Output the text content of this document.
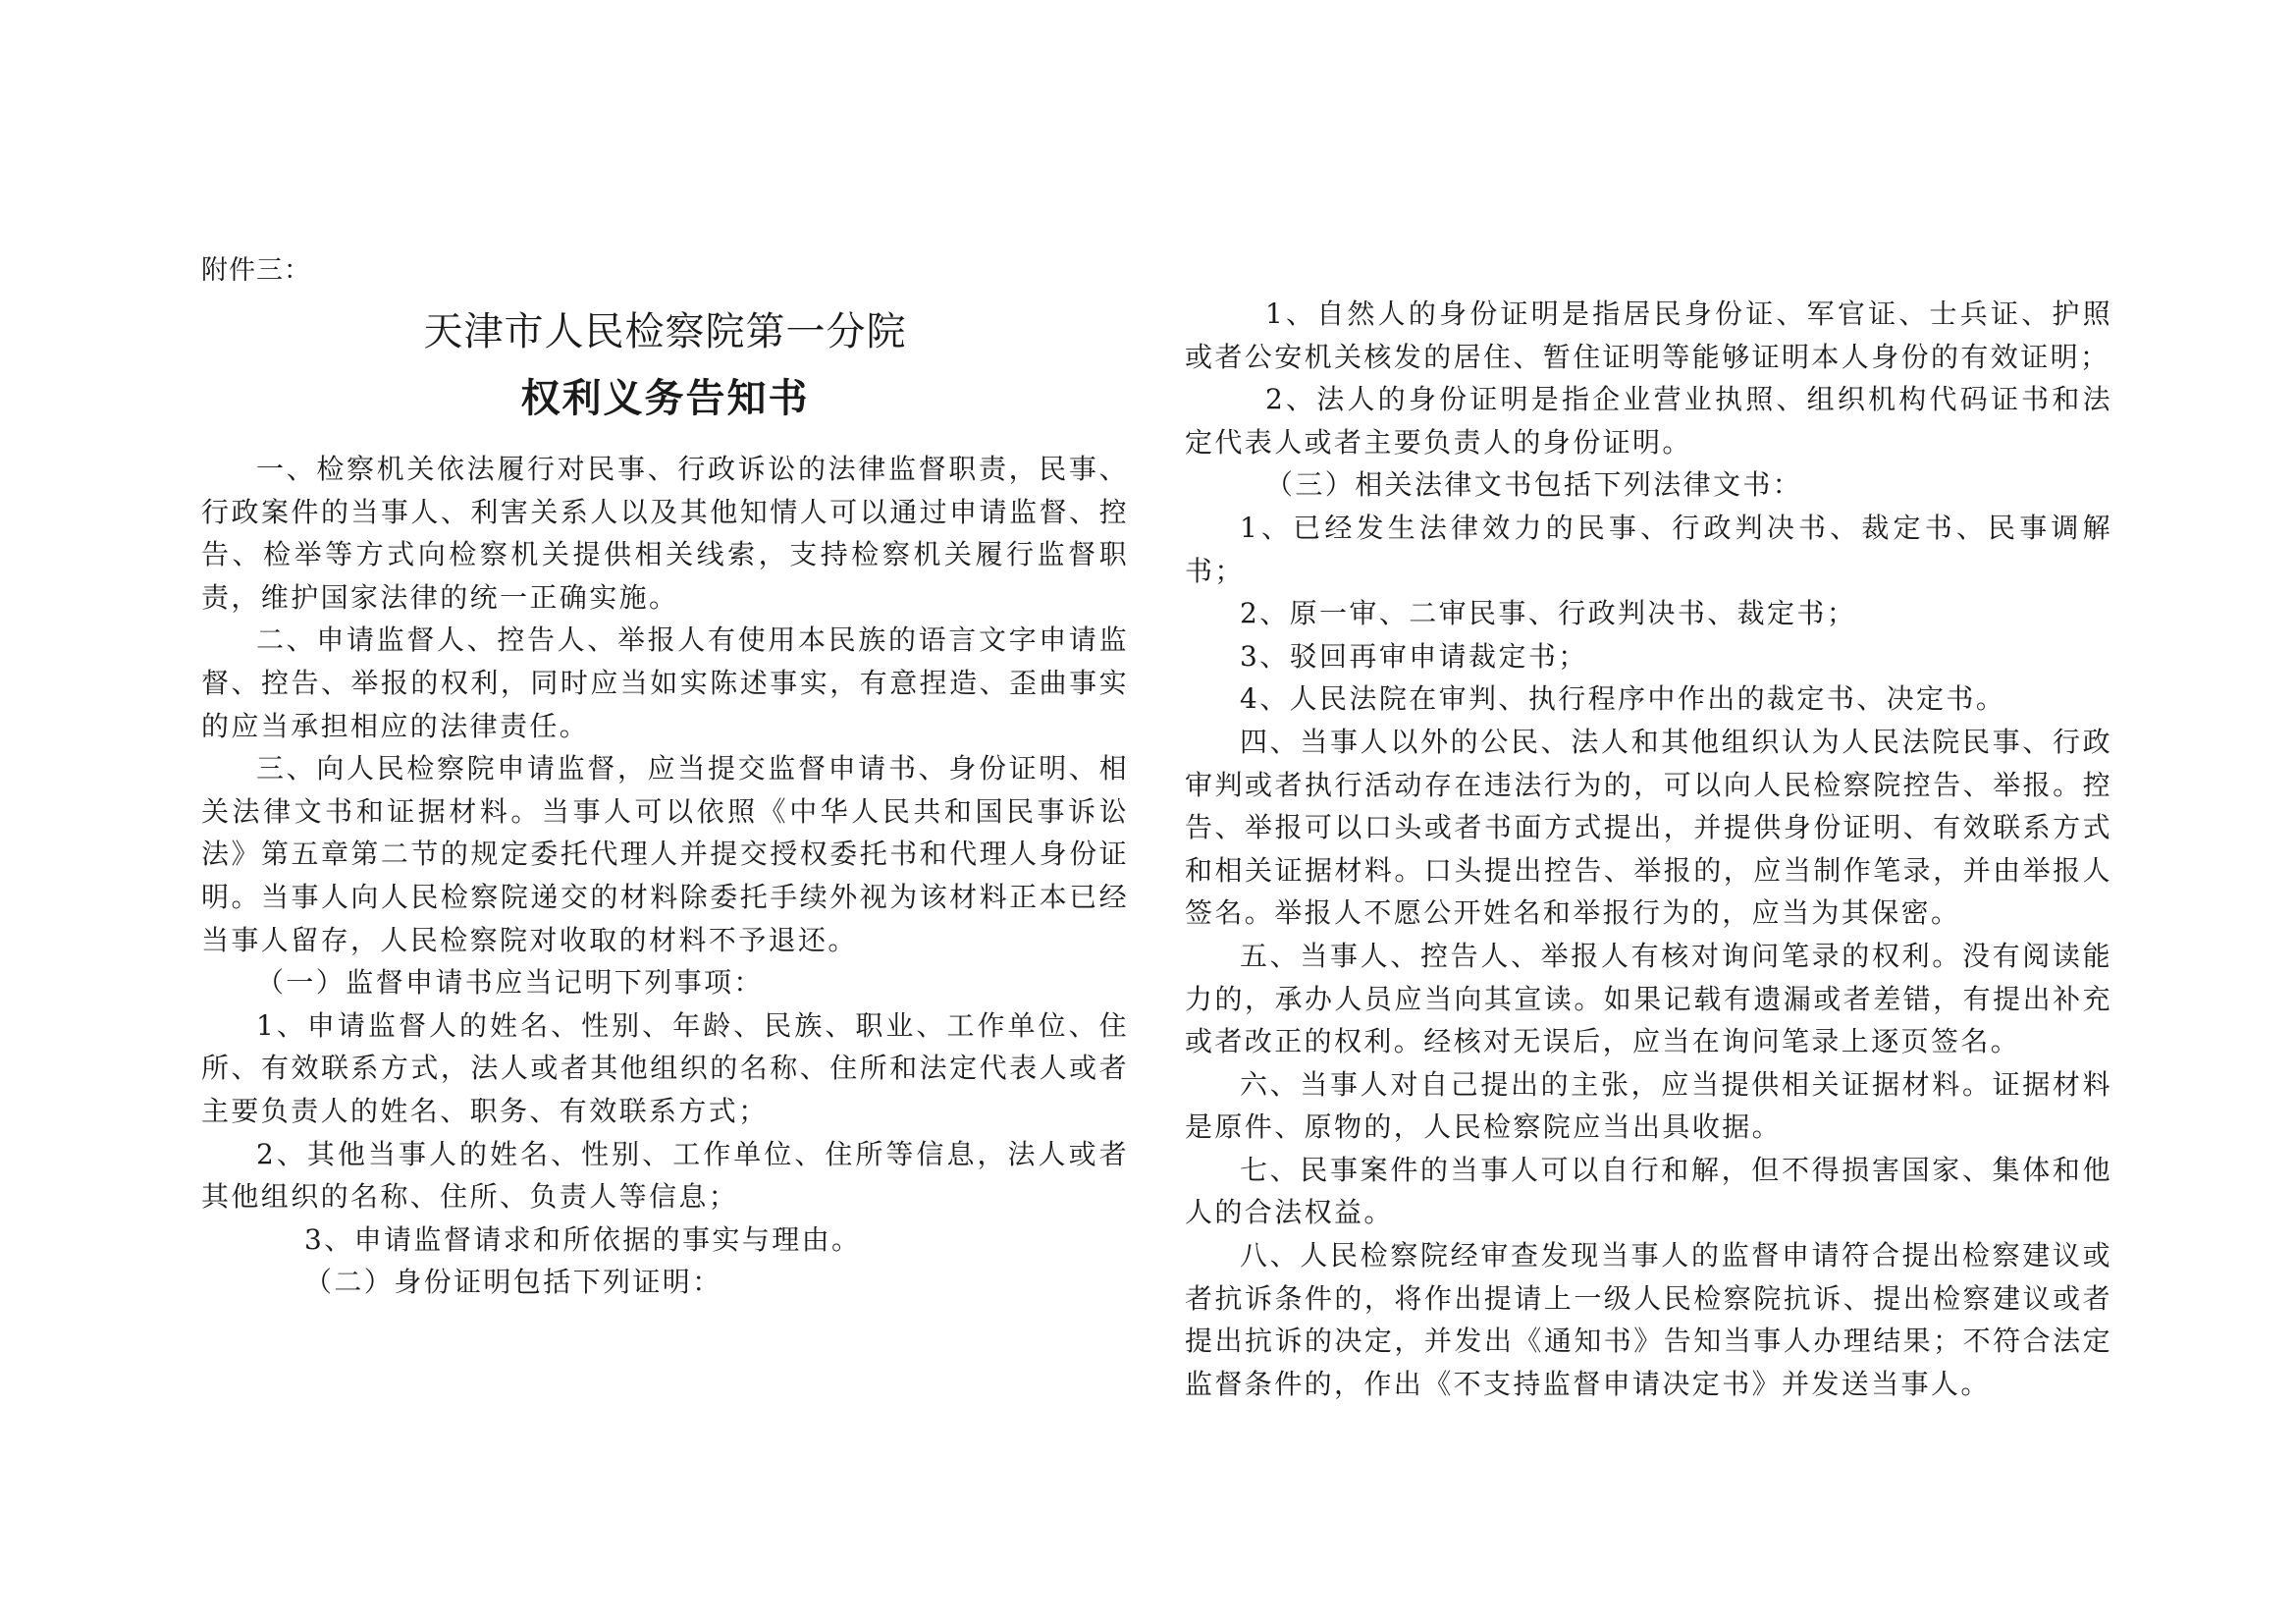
附件三：
天津市人民检察院第一分院
权利义务告知书

一、检察机关依法履行对民事、行政诉讼的法律监督职责，民事、行政案件的当事人、利害关系人以及其他知情人可以通过申请监督、控告、检举等方式向检察机关提供相关线索，支持检察机关履行监督职责，维护国家法律的统一正确实施。

二、申请监督人、控告人、举报人有使用本民族的语言文字申请监督、控告、举报的权利，同时应当如实陈述事实，有意捏造、歪曲事实的应当承担相应的法律责任。

三、向人民检察院申请监督，应当提交监督申请书、身份证明、相关法律文书和证据材料。当事人可以依照《中华人民共和国民事诉讼法》第五章第二节的规定委托代理人并提交授权委托书和代理人身份证明。当事人向人民检察院递交的材料除委托手续外视为该材料正本已经当事人留存，人民检察院对收取的材料不予退还。

（一）监督申请书应当记明下列事项：

1、申请监督人的姓名、性别、年龄、民族、职业、工作单位、住所、有效联系方式，法人或者其他组织的名称、住所和法定代表人或者主要负责人的姓名、职务、有效联系方式；

2、其他当事人的姓名、性别、工作单位、住所等信息，法人或者其他组织的名称、住所、负责人等信息；

3、申请监督请求和所依据的事实与理由。

（二）身份证明包括下列证明：

1、自然人的身份证明是指居民身份证、军官证、士兵证、护照或者公安机关核发的居住、暂住证明等能够证明本人身份的有效证明；

2、法人的身份证明是指企业营业执照、组织机构代码证书和法定代表人或者主要负责人的身份证明。

（三）相关法律文书包括下列法律文书：

1、已经发生法律效力的民事、行政判决书、裁定书、民事调解书；

2、原一审、二审民事、行政判决书、裁定书；

3、驳回再审申请裁定书；

4、人民法院在审判、执行程序中作出的裁定书、决定书。

四、当事人以外的公民、法人和其他组织认为人民法院民事、行政审判或者执行活动存在违法行为的，可以向人民检察院控告、举报。控告、举报可以口头或者书面方式提出，并提供身份证明、有效联系方式和相关证据材料。口头提出控告、举报的，应当制作笔录，并由举报人签名。举报人不愿公开姓名和举报行为的，应当为其保密。

五、当事人、控告人、举报人有核对询问笔录的权利。没有阅读能力的，承办人员应当向其宣读。如果记载有遗漏或者差错，有提出补充或者改正的权利。经核对无误后，应当在询问笔录上逐页签名。

六、当事人对自己提出的主张，应当提供相关证据材料。证据材料是原件、原物的，人民检察院应当出具收据。

七、民事案件的当事人可以自行和解，但不得损害国家、集体和他人的合法权益。

八、人民检察院经审查发现当事人的监督申请符合提出检察建议或者抗诉条件的，将作出提请上一级人民检察院抗诉、提出检察建议或者提出抗诉的决定，并发出《通知书》告知当事人办理结果；不符合法定监督条件的，作出《不支持监督申请决定书》并发送当事人。
